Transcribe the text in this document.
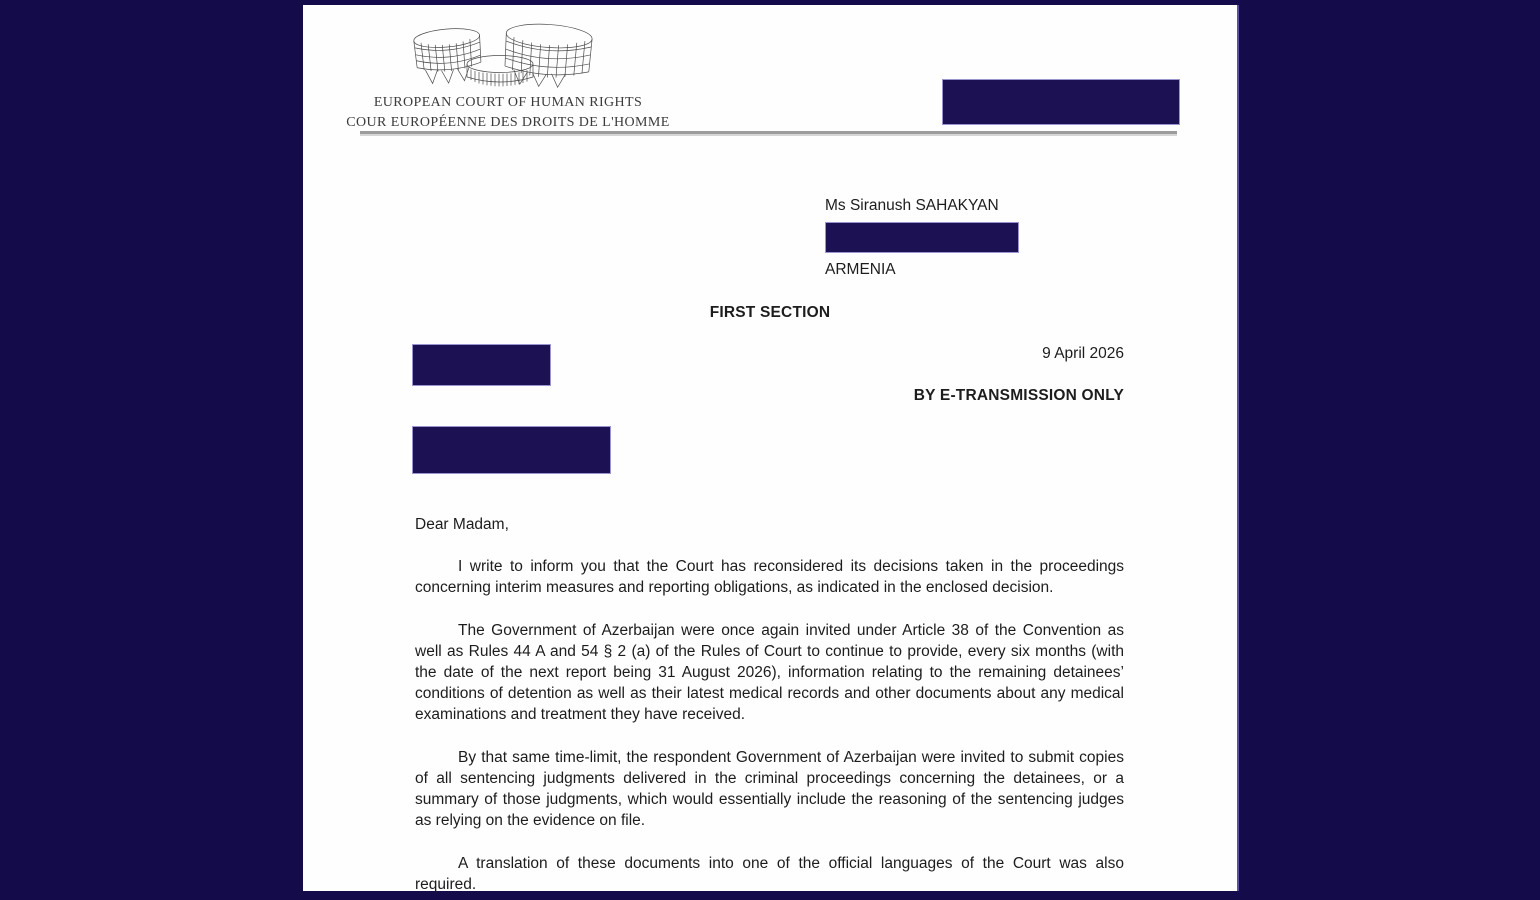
EUROPEAN COURT OF HUMAN RIGHTS
COUR EUROPÉENNE DES DROITS DE L'HOMME
Ms Siranush SAHAKYAN
ARMENIA
FIRST SECTION
9 April 2026
BY E-TRANSMISSION ONLY
Dear Madam,

I write to inform you that the Court has reconsidered its decisions taken in the proceedings concerning interim measures and reporting obligations, as indicated in the enclosed decision.

The Government of Azerbaijan were once again invited under Article 38 of the Convention as well as Rules 44 A and 54 § 2 (a) of the Rules of Court to continue to provide, every six months (with the date of the next report being 31 August 2026), information relating to the remaining detainees’ conditions of detention as well as their latest medical records and other documents about any medical examinations and treatment they have received.

By that same time-limit, the respondent Government of Azerbaijan were invited to submit copies of all sentencing judgments delivered in the criminal proceedings concerning the detainees, or a summary of those judgments, which would essentially include the reasoning of the sentencing judges as relying on the evidence on file.

A translation of these documents into one of the official languages of the Court was also required.
